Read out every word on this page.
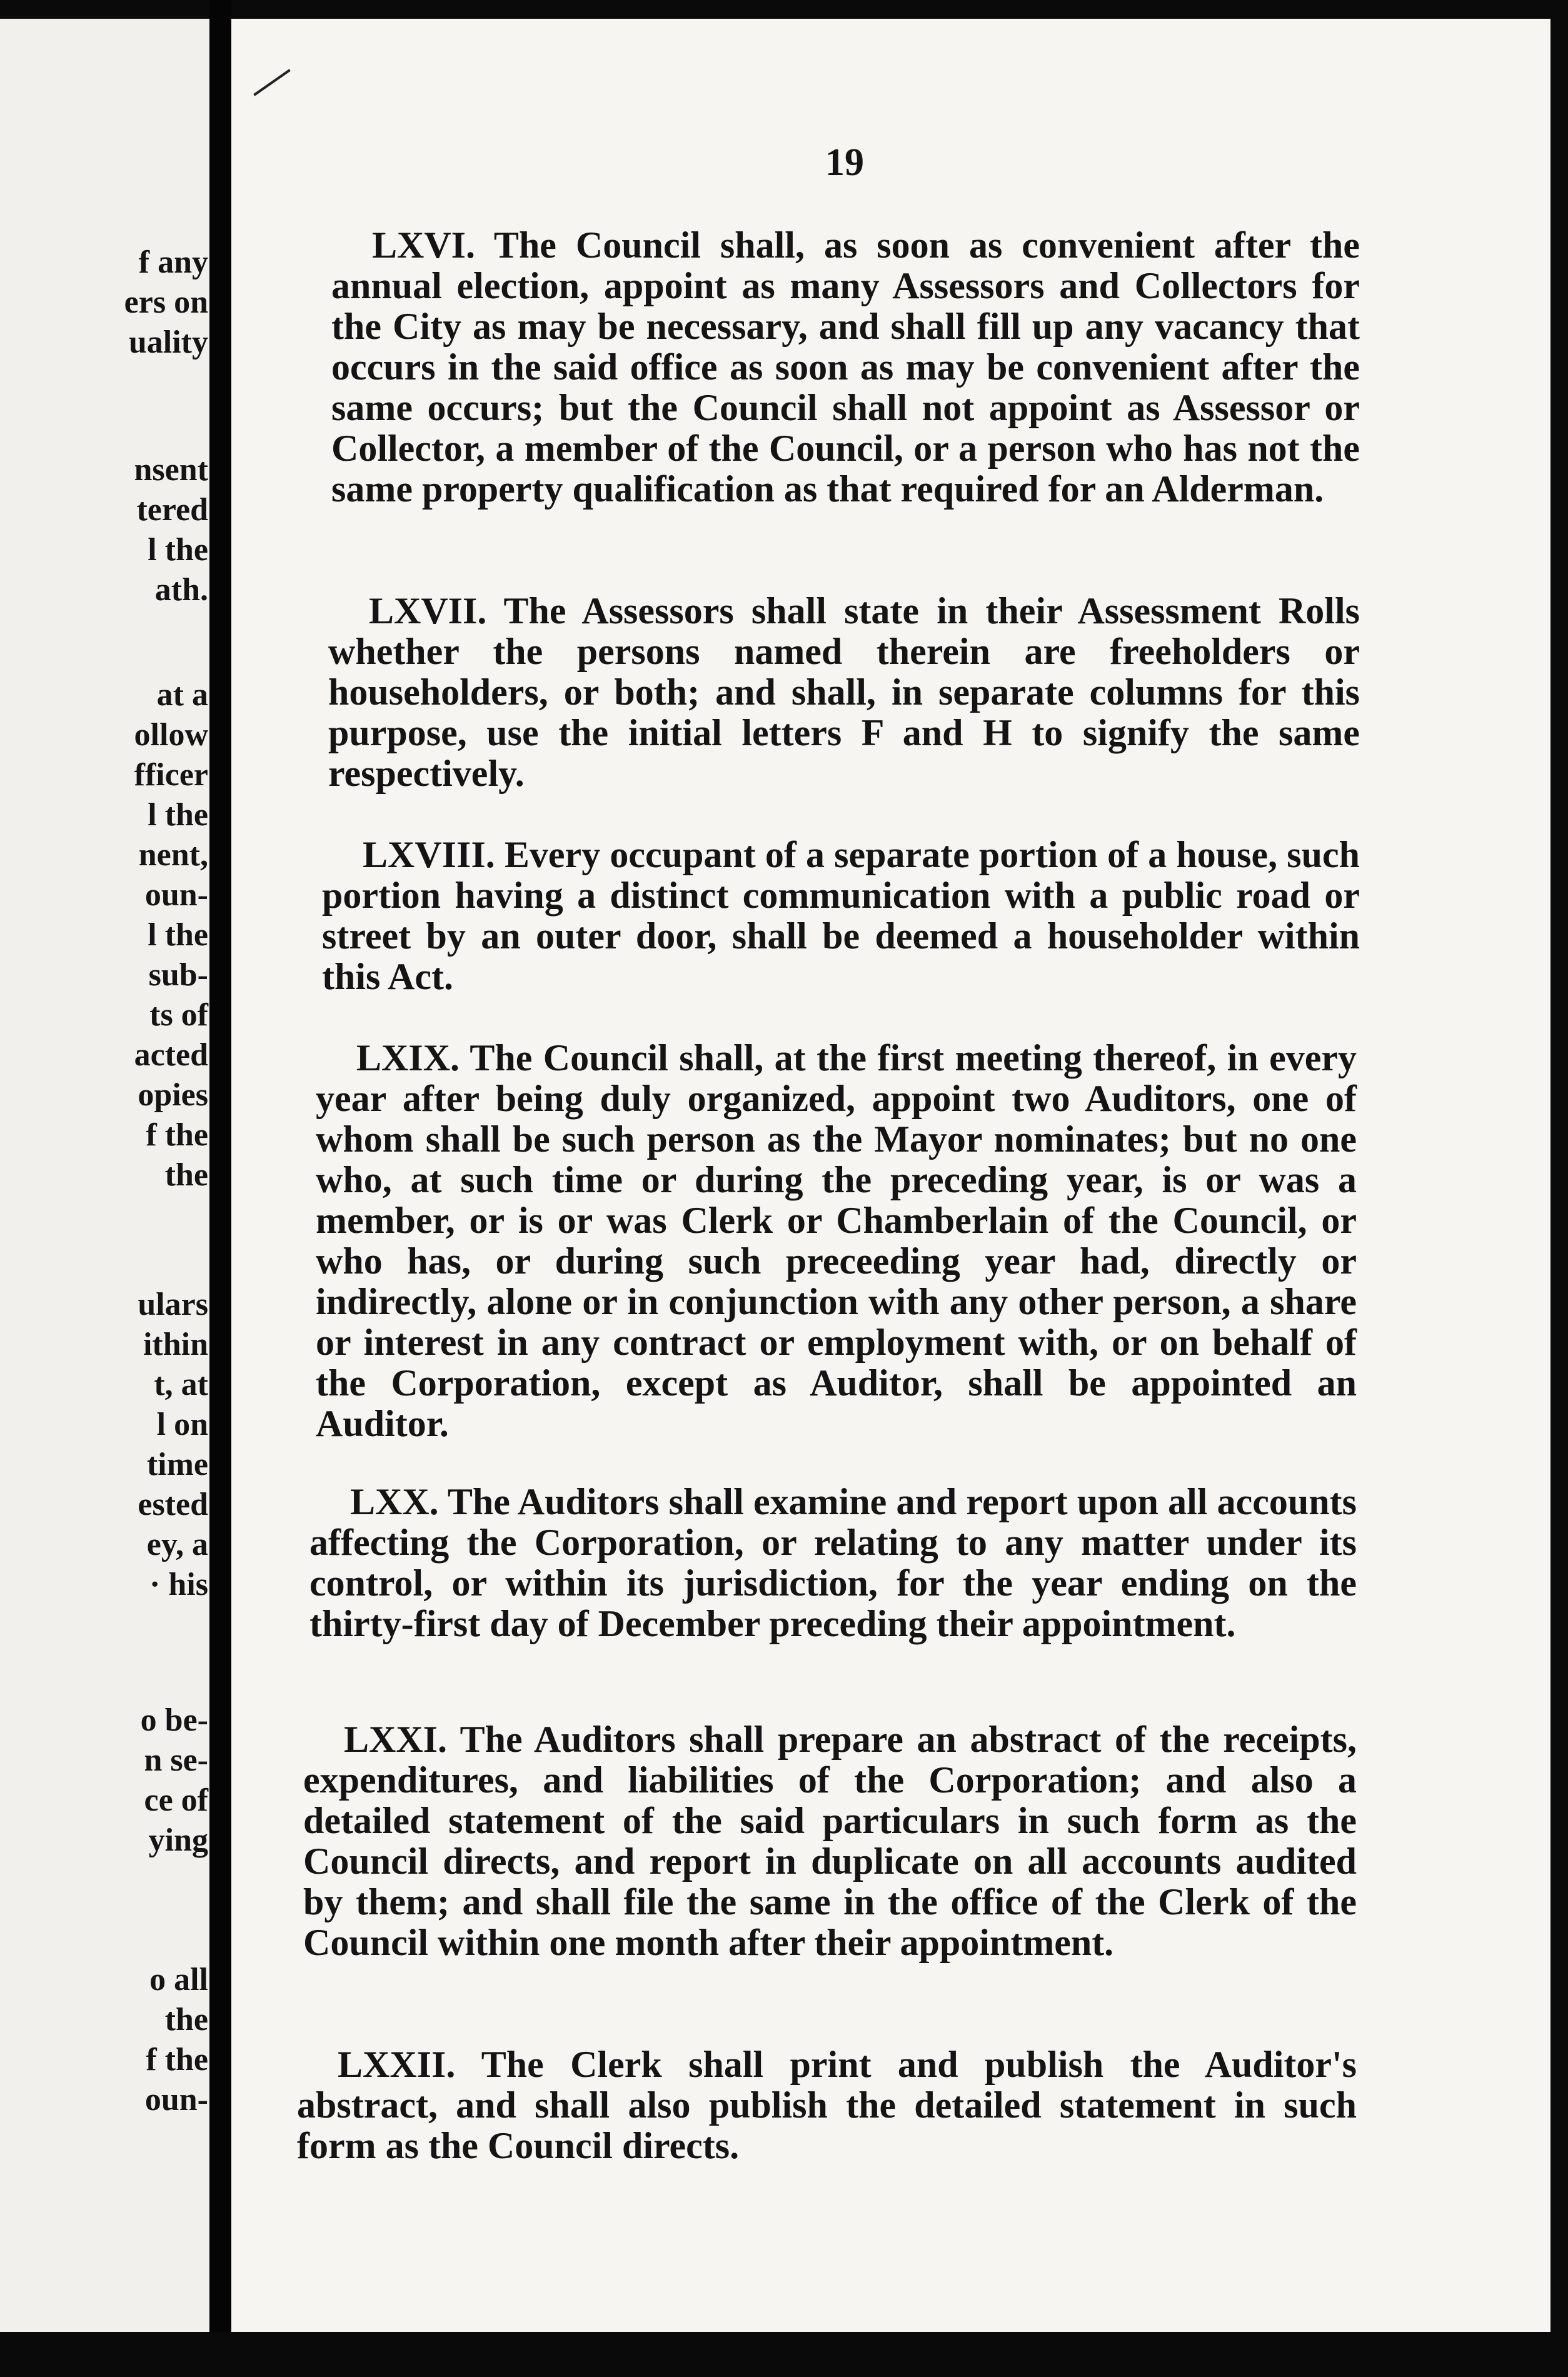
f any
ers on
uality
nsent
tered
l the
ath.
at a
ollow
fficer
l the
nent,
oun-
l the
sub-
ts of
acted
opies
f the
the
ulars
ithin
t, at
l on
time
ested
ey, a
· his
o be-
n se-
ce of
ying
o all
the
f the
oun-
19
LXVI. The Council shall, as soon as convenient after the annual election, appoint as many Assessors and Collectors for the City as may be necessary, and shall fill up any vacancy that occurs in the said office as soon as may be convenient after the same occurs; but the Council shall not appoint as Assessor or Collector, a member of the Council, or a person who has not the same property qualification as that required for an Alderman.
LXVII. The Assessors shall state in their Assessment Rolls whether the persons named therein are freeholders or householders, or both; and shall, in separate columns for this purpose, use the initial letters F and H to signify the same respectively.
LXVIII. Every occupant of a separate portion of a house, such portion having a distinct communication with a public road or street by an outer door, shall be deemed a householder within this Act.
LXIX. The Council shall, at the first meeting thereof, in every year after being duly organized, appoint two Auditors, one of whom shall be such person as the Mayor nominates; but no one who, at such time or during the preceding year, is or was a member, or is or was Clerk or Chamberlain of the Council, or who has, or during such preceeding year had, directly or indirectly, alone or in conjunction with any other person, a share or interest in any contract or employment with, or on behalf of the Corporation, except as Auditor, shall be appointed an Auditor.
LXX. The Auditors shall examine and report upon all accounts affecting the Corporation, or relating to any matter under its control, or within its jurisdiction, for the year ending on the thirty-first day of December preceding their appointment.
LXXI. The Auditors shall prepare an abstract of the receipts, expenditures, and liabilities of the Corporation; and also a detailed statement of the said particulars in such form as the Council directs, and report in duplicate on all accounts audited by them; and shall file the same in the office of the Clerk of the Council within one month after their appointment.
LXXII. The Clerk shall print and publish the Auditor's abstract, and shall also publish the detailed statement in such form as the Council directs.
